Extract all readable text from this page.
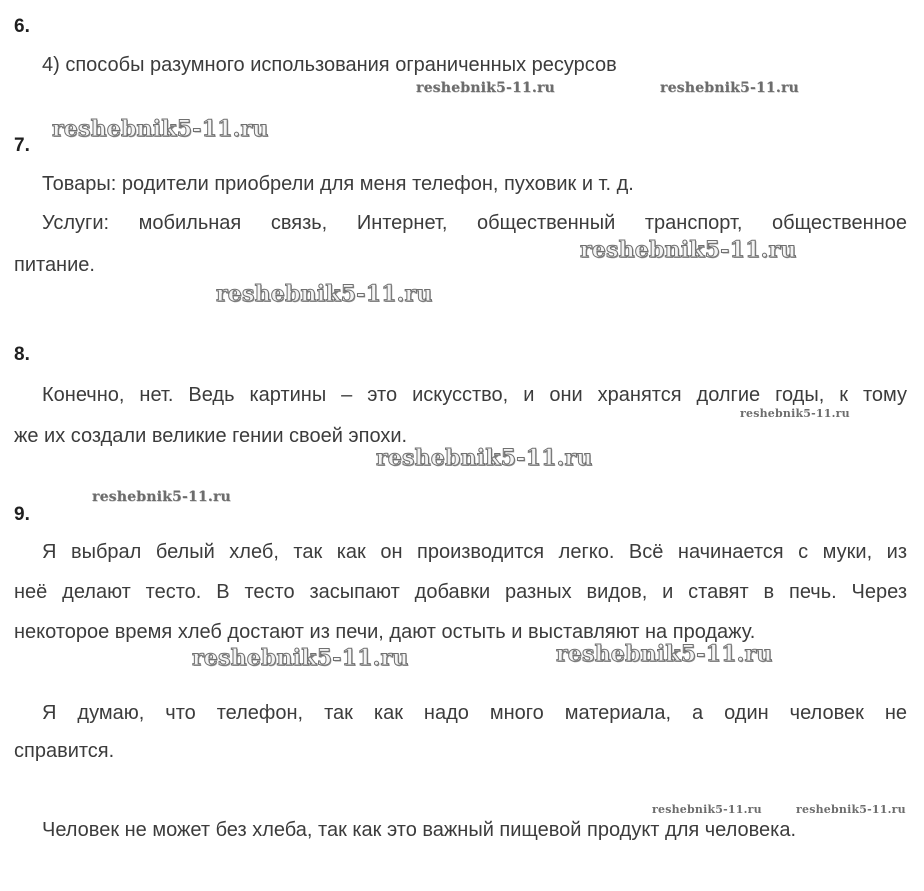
6.
4) способы разумного использования ограниченных ресурсов
7.
Товары: родители приобрели для меня телефон, пуховик и т. д.
Услуги: мобильная связь, Интернет, общественный транспорт, общественное
питание.
8.
Конечно, нет. Ведь картины – это искусство, и они хранятся долгие годы, к тому
же их создали великие гении своей эпохи.
9.
Я выбрал белый хлеб, так как он производится легко. Всё начинается с муки, из
неё делают тесто. В тесто засыпают добавки разных видов, и ставят в печь. Через
некоторое время хлеб достают из печи, дают остыть и выставляют на продажу.
Я думаю, что телефон, так как надо много материала, а один человек не
справится.
Человек не может без хлеба, так как это важный пищевой продукт для человека.
reshebnik5-11.ru	reshebnik5-11.ru
reshebnik5-11.ru
reshebnik5-11.ru
reshebnik5-11.ru
reshebnik5-11.ru
reshebnik5-11.ru
reshebnik5-11.ru
reshebnik5-11.ru	reshebnik5-11.ru
reshebnik5-11.ru	reshebnik5-11.ru
